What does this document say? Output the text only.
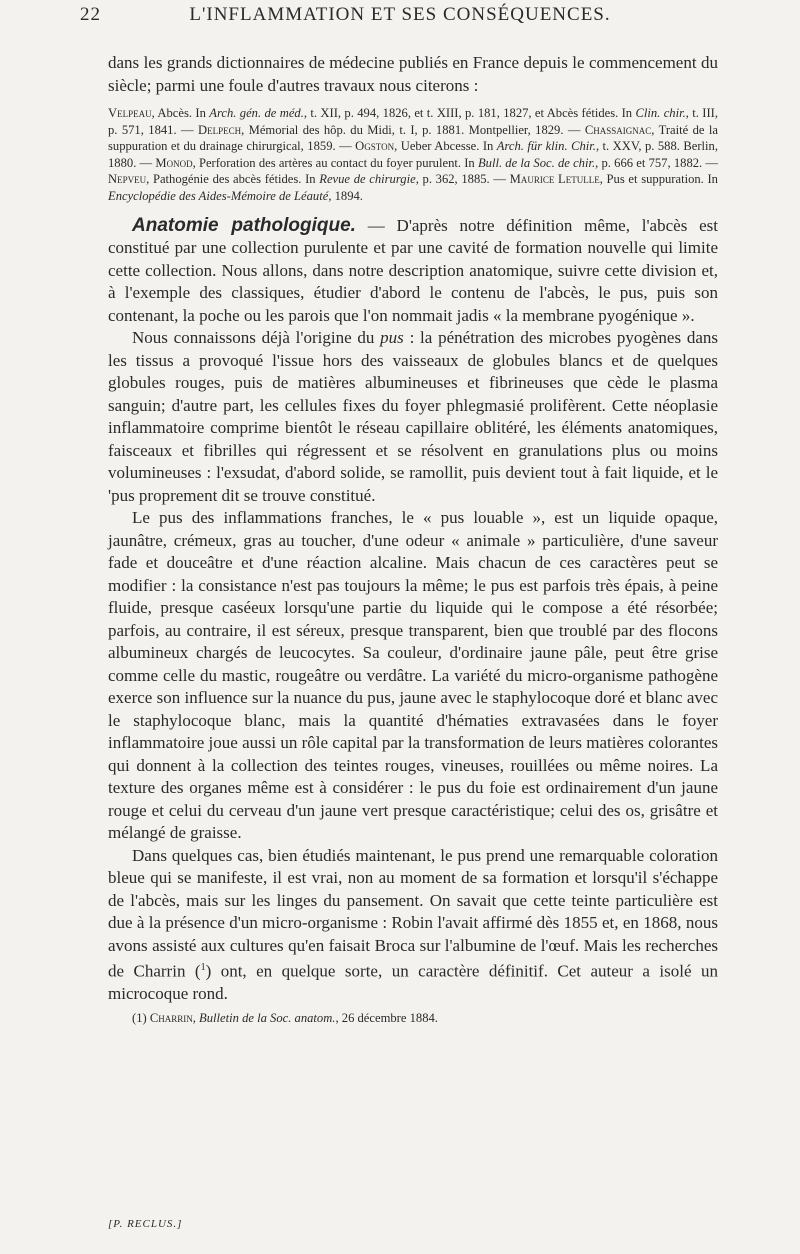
22	L'INFLAMMATION ET SES CONSÉQUENCES.

dans les grands dictionnaires de médecine publiés en France depuis le commencement du siècle; parmi une foule d'autres travaux nous citerons :

Velpeau, Abcès. In Arch. gén. de méd., t. XII, p. 494, 1826, et t. XIII, p. 181, 1827, et Abcès fétides. In Clin. chir., t. III, p. 571, 1841. — Delpech, Mémorial des hôp. du Midi, t. I, p. 1881. Montpellier, 1829. — Chassaignac, Traité de la suppuration et du drainage chirurgical, 1859. — Ogston, Ueber Abcesse. In Arch. für klin. Chir., t. XXV, p. 588. Berlin, 1880. — Monod, Perforation des artères au contact du foyer purulent. In Bull. de la Soc. de chir., p. 666 et 757, 1882. — Nepveu, Pathogénie des abcès fétides. In Revue de chirurgie, p. 362, 1885. — Maurice Letulle, Pus et suppuration. In Encyclopédie des Aides-Mémoire de Léauté, 1894.

Anatomie pathologique. — D'après notre définition même, l'abcès est constitué par une collection purulente et par une cavité de formation nouvelle qui limite cette collection. Nous allons, dans notre description anatomique, suivre cette division et, à l'exemple des classiques, étudier d'abord le contenu de l'abcès, le pus, puis son contenant, la poche ou les parois que l'on nommait jadis « la membrane pyogénique ».

Nous connaissons déjà l'origine du pus : la pénétration des microbes pyogènes dans les tissus a provoqué l'issue hors des vaisseaux de globules blancs et de quelques globules rouges, puis de matières albumineuses et fibrineuses que cède le plasma sanguin; d'autre part, les cellules fixes du foyer phlegmasié prolifèrent. Cette néoplasie inflammatoire comprime bientôt le réseau capillaire oblitéré, les éléments anatomiques, faisceaux et fibrilles qui régressent et se résolvent en granulations plus ou moins volumineuses : l'exsudat, d'abord solide, se ramollit, puis devient tout à fait liquide, et le 'pus proprement dit se trouve constitué.

Le pus des inflammations franches, le « pus louable », est un liquide opaque, jaunâtre, crémeux, gras au toucher, d'une odeur « animale » particulière, d'une saveur fade et douceâtre et d'une réaction alcaline. Mais chacun de ces caractères peut se modifier : la consistance n'est pas toujours la même; le pus est parfois très épais, à peine fluide, presque caséeux lorsqu'une partie du liquide qui le compose a été résorbée; parfois, au contraire, il est séreux, presque transparent, bien que troublé par des flocons albumineux chargés de leucocytes. Sa couleur, d'ordinaire jaune pâle, peut être grise comme celle du mastic, rougeâtre ou verdâtre. La variété du micro-organisme pathogène exerce son influence sur la nuance du pus, jaune avec le staphylocoque doré et blanc avec le staphylocoque blanc, mais la quantité d'hématies extravasées dans le foyer inflammatoire joue aussi un rôle capital par la transformation de leurs matières colorantes qui donnent à la collection des teintes rouges, vineuses, rouillées ou même noires. La texture des organes même est à considérer : le pus du foie est ordinairement d'un jaune rouge et celui du cerveau d'un jaune vert presque caractéristique; celui des os, grisâtre et mélangé de graisse.

Dans quelques cas, bien étudiés maintenant, le pus prend une remarquable coloration bleue qui se manifeste, il est vrai, non au moment de sa formation et lorsqu'il s'échappe de l'abcès, mais sur les linges du pansement. On savait que cette teinte particulière est due à la présence d'un micro-organisme : Robin l'avait affirmé dès 1855 et, en 1868, nous avons assisté aux cultures qu'en faisait Broca sur l'albumine de l'œuf. Mais les recherches de Charrin ($^1$) ont, en quelque sorte, un caractère définitif. Cet auteur a isolé un microcoque rond.

(1) Charrin, Bulletin de la Soc. anatom., 26 décembre 1884.

[P. RECLUS.]
